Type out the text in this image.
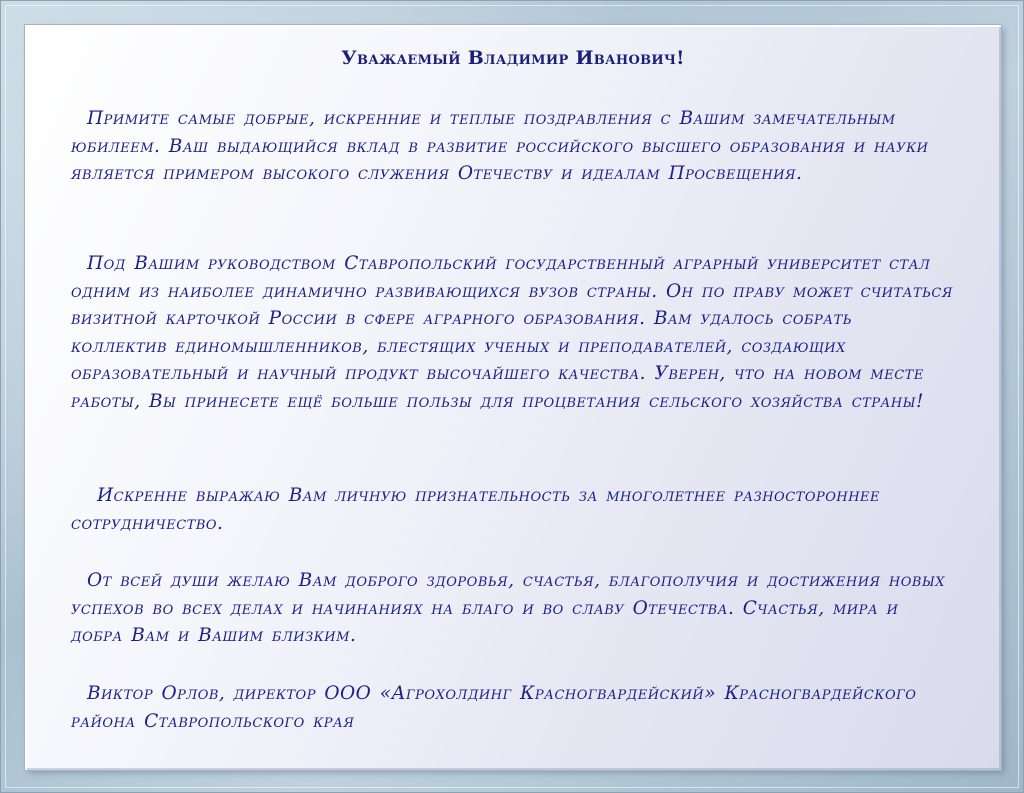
Уважаемый Владимир Иванович!

Примите самые добрые, искренние и теплые поздравления с Вашим замечательным юбилеем. Ваш выдающийся вклад в развитие российского высшего образования и науки является примером высокого служения Отечеству и идеалам Просвещения.

Под Вашим руководством Ставропольский государственный аграрный университет стал одним из наиболее динамично развивающихся вузов страны. Он по праву может считаться визитной карточкой России в сфере аграрного образования. Вам удалось собрать коллектив единомышленников, блестящих ученых и преподавателей, создающих образовательный и научный продукт высочайшего качества. Уверен, что на новом месте работы, Вы принесете ещё больше пользы для процветания сельского хозяйства страны!

Искренне выражаю Вам личную признательность за многолетнее разностороннее сотрудничество.

От всей души желаю Вам доброго здоровья, счастья, благополучия и достижения новых успехов во всех делах и начинаниях на благо и во славу Отечества. Счастья, мира и добра Вам и Вашим близким.

Виктор Орлов, директор ООО «Агрохолдинг Красногвардейский» Красногвардейского района Ставропольского края
